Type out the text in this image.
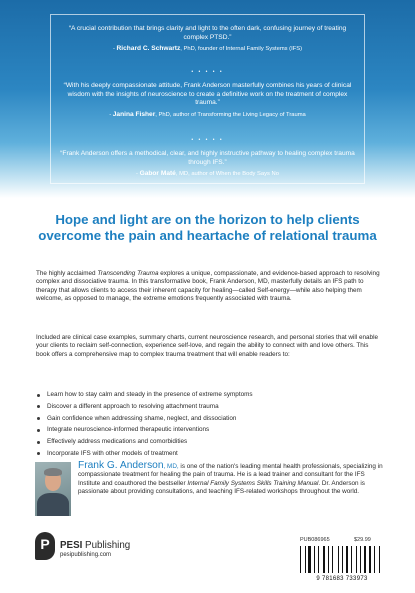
“A crucial contribution that brings clarity and light to the often dark, confusing journey of treating complex PTSD.”
- Richard C. Schwartz, PhD, founder of Internal Family Systems (IFS)

• • • • •

“With his deeply compassionate attitude, Frank Anderson masterfully combines his years of clinical wisdom with the insights of neuroscience to create a definitive work on the treatment of complex trauma.”
- Janina Fisher, PhD, author of Transforming the Living Legacy of Trauma

• • • • •

“Frank Anderson offers a methodical, clear, and highly instructive pathway to healing complex trauma through IFS.”
- Gabor Maté, MD, author of When the Body Says No

Hope and light are on the horizon to help clients overcome the pain and heartache of relational trauma

The highly acclaimed Transcending Trauma explores a unique, compassionate, and evidence-based approach to resolving complex and dissociative trauma. In this transformative book, Frank Anderson, MD, masterfully details an IFS path to therapy that allows clients to access their inherent capacity for healing—called Self-energy—while also helping them welcome, as opposed to manage, the extreme emotions frequently associated with trauma.

Included are clinical case examples, summary charts, current neuroscience research, and personal stories that will enable your clients to reclaim self-connection, experience self-love, and regain the ability to connect with and love others. This book offers a comprehensive map to complex trauma treatment that will enable readers to:

Learn how to stay calm and steady in the presence of extreme symptoms
Discover a different approach to resolving attachment trauma
Gain confidence when addressing shame, neglect, and dissociation
Integrate neuroscience-informed therapeutic interventions
Effectively address medications and comorbidities
Incorporate IFS with other models of treatment

Frank G. Anderson, MD, is one of the nation's leading mental health professionals, specializing in compassionate treatment for healing the pain of trauma. He is a lead trainer and consultant for the IFS Institute and coauthored the bestseller Internal Family Systems Skills Training Manual. Dr. Anderson is passionate about providing consultations, and teaching IFS-related workshops throughout the world.

P	PESI Publishing
pesipublishing.com
PUB086965	$29.99
9 781683 733973
